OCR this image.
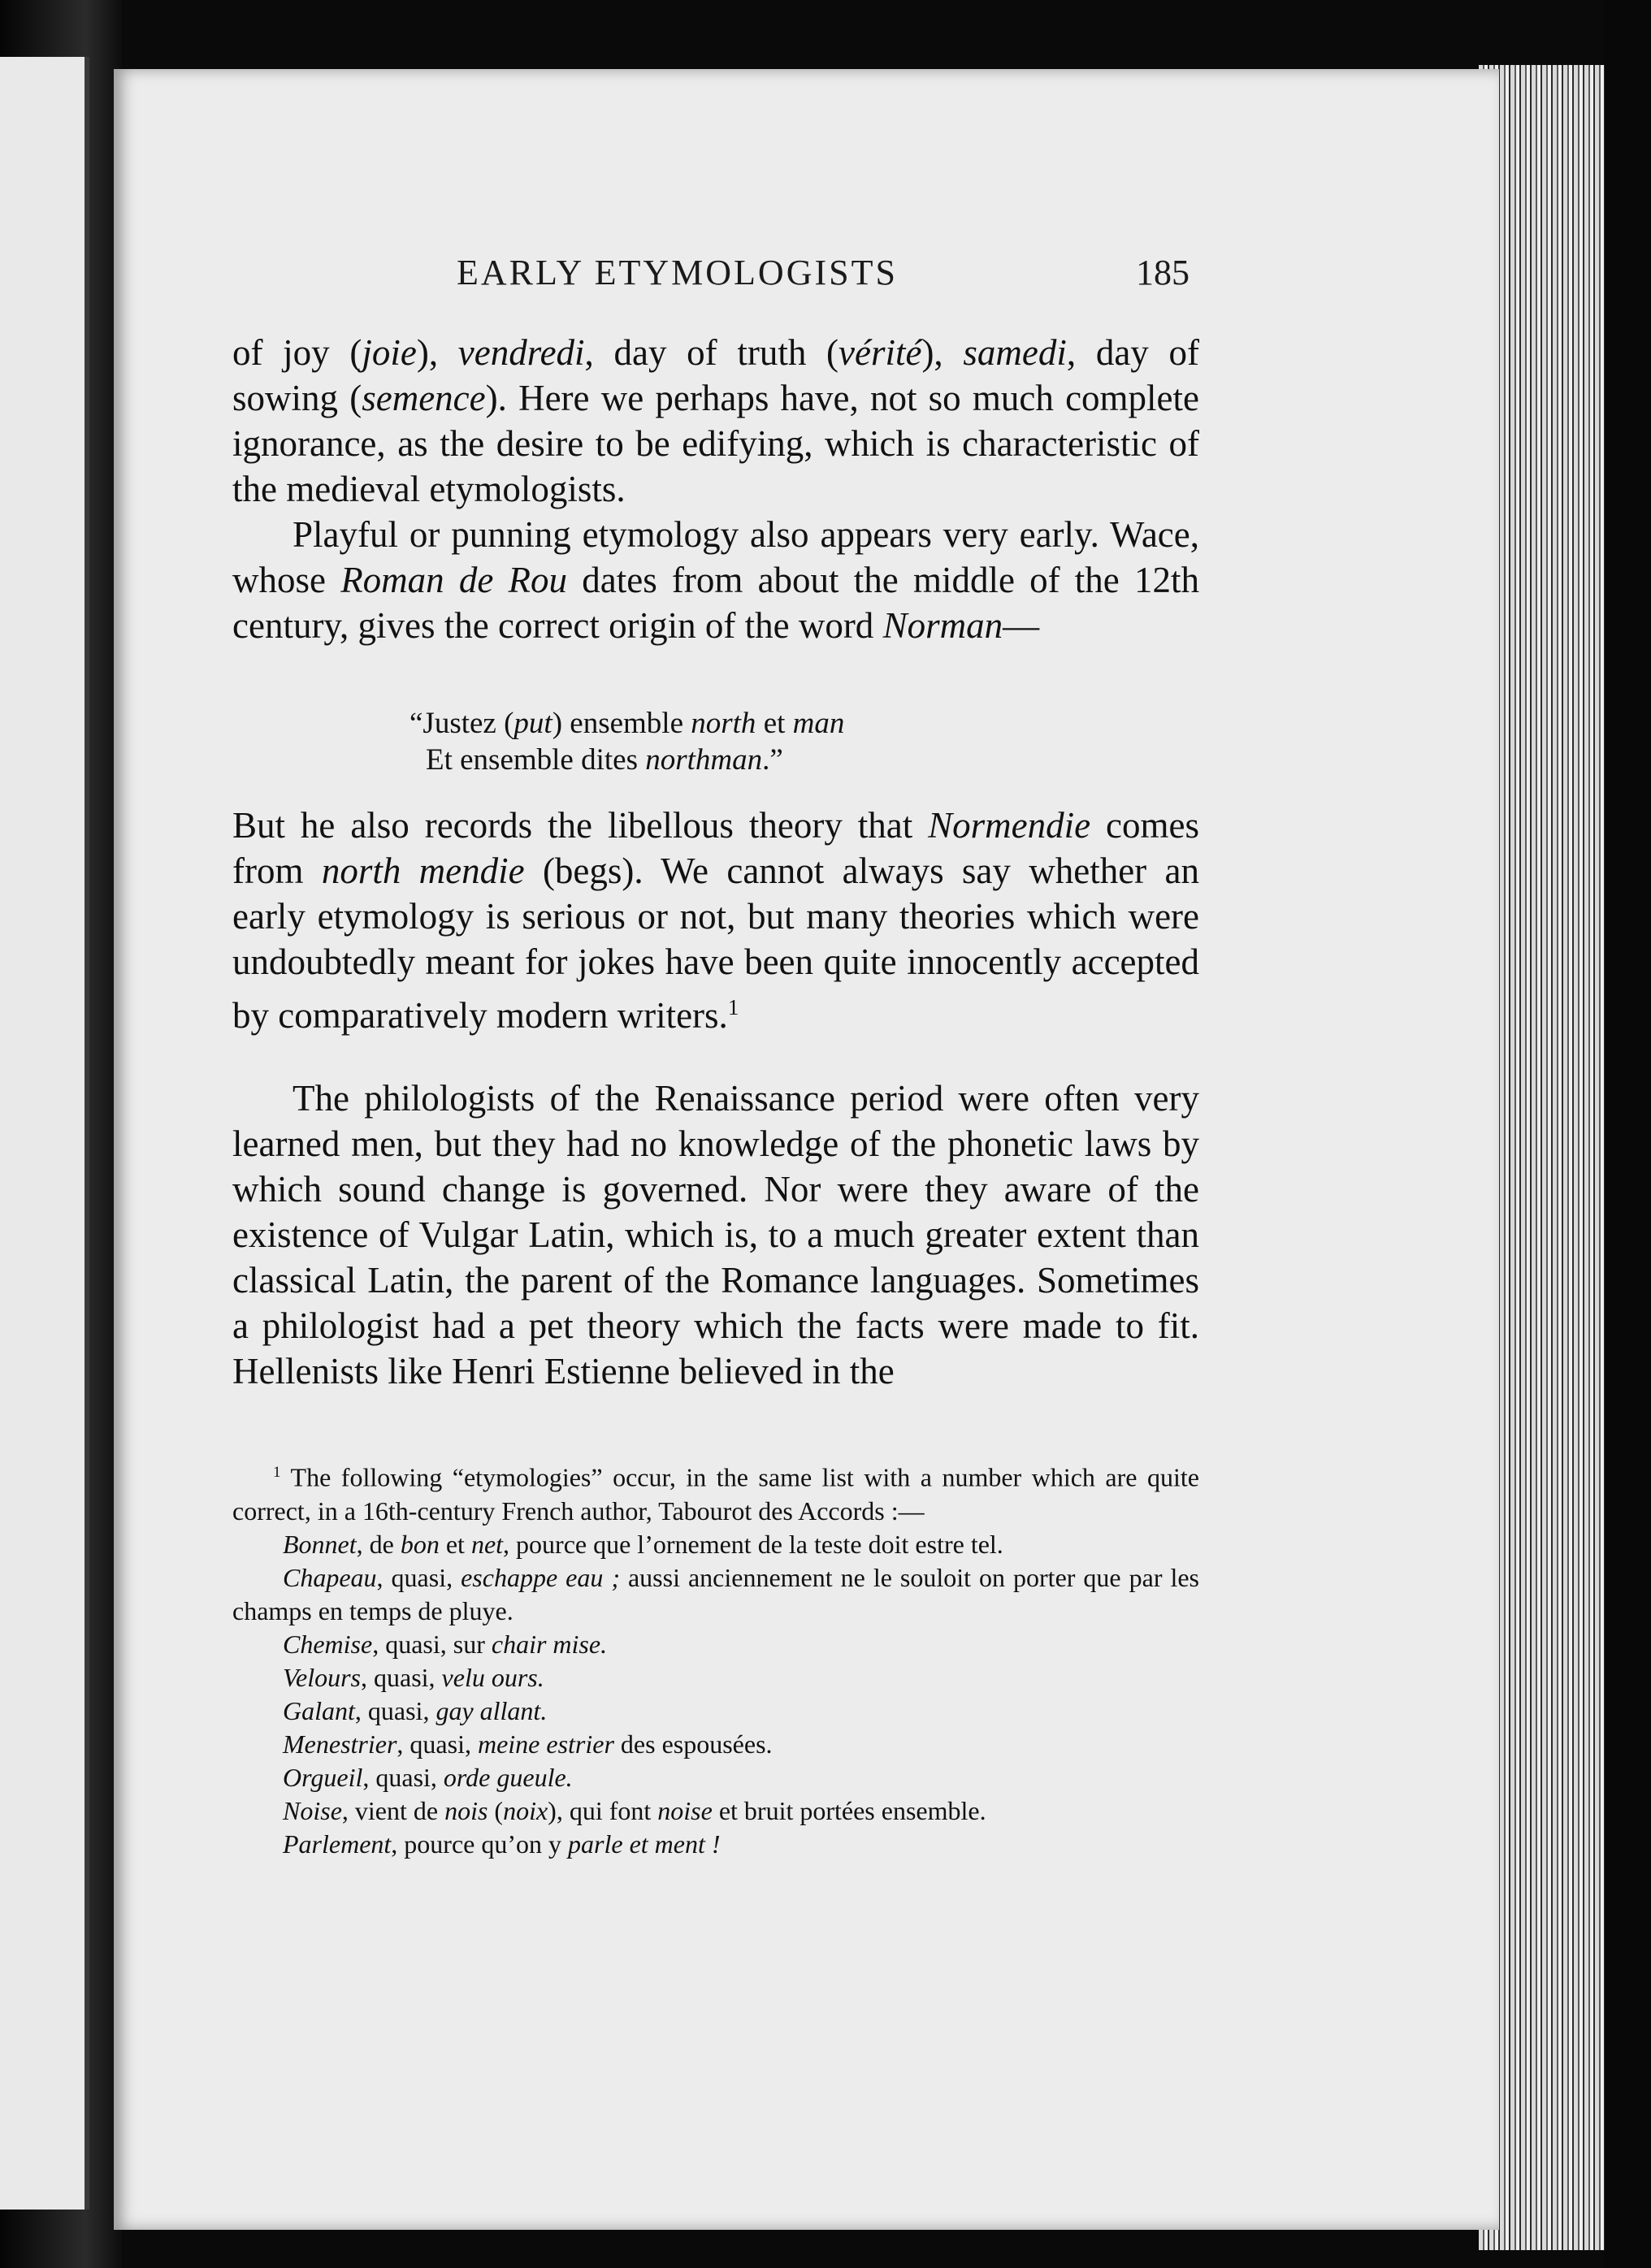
EARLY ETYMOLOGISTS	185

of joy (joie), vendredi, day of truth (vérité), samedi, day of sowing (semence). Here we perhaps have, not so much complete ignorance, as the desire to be edifying, which is characteristic of the medieval etymologists.

Playful or punning etymology also appears very early. Wace, whose Roman de Rou dates from about the middle of the 12th century, gives the correct origin of the word Norman—

“Justez (put) ensemble north et man
Et ensemble dites northman.”

But he also records the libellous theory that Normendie comes from north mendie (begs). We cannot always say whether an early etymology is serious or not, but many theories which were undoubtedly meant for jokes have been quite innocently accepted by comparatively modern writers.$^1$

The philologists of the Renaissance period were often very learned men, but they had no knowledge of the phonetic laws by which sound change is governed. Nor were they aware of the existence of Vulgar Latin, which is, to a much greater extent than classical Latin, the parent of the Romance languages. Sometimes a philologist had a pet theory which the facts were made to fit. Hellenists like Henri Estienne believed in the

$^1$ The following “etymologies” occur, in the same list with a number which are quite correct, in a 16th-century French author, Tabourot des Accords :—

Bonnet, de bon et net, pource que l’ornement de la teste doit estre tel.

Chapeau, quasi, eschappe eau ; aussi anciennement ne le souloit on porter que par les champs en temps de pluye.

Chemise, quasi, sur chair mise.

Velours, quasi, velu ours.

Galant, quasi, gay allant.

Menestrier, quasi, meine estrier des espousées.

Orgueil, quasi, orde gueule.

Noise, vient de nois (noix), qui font noise et bruit portées ensemble.

Parlement, pource qu’on y parle et ment !
